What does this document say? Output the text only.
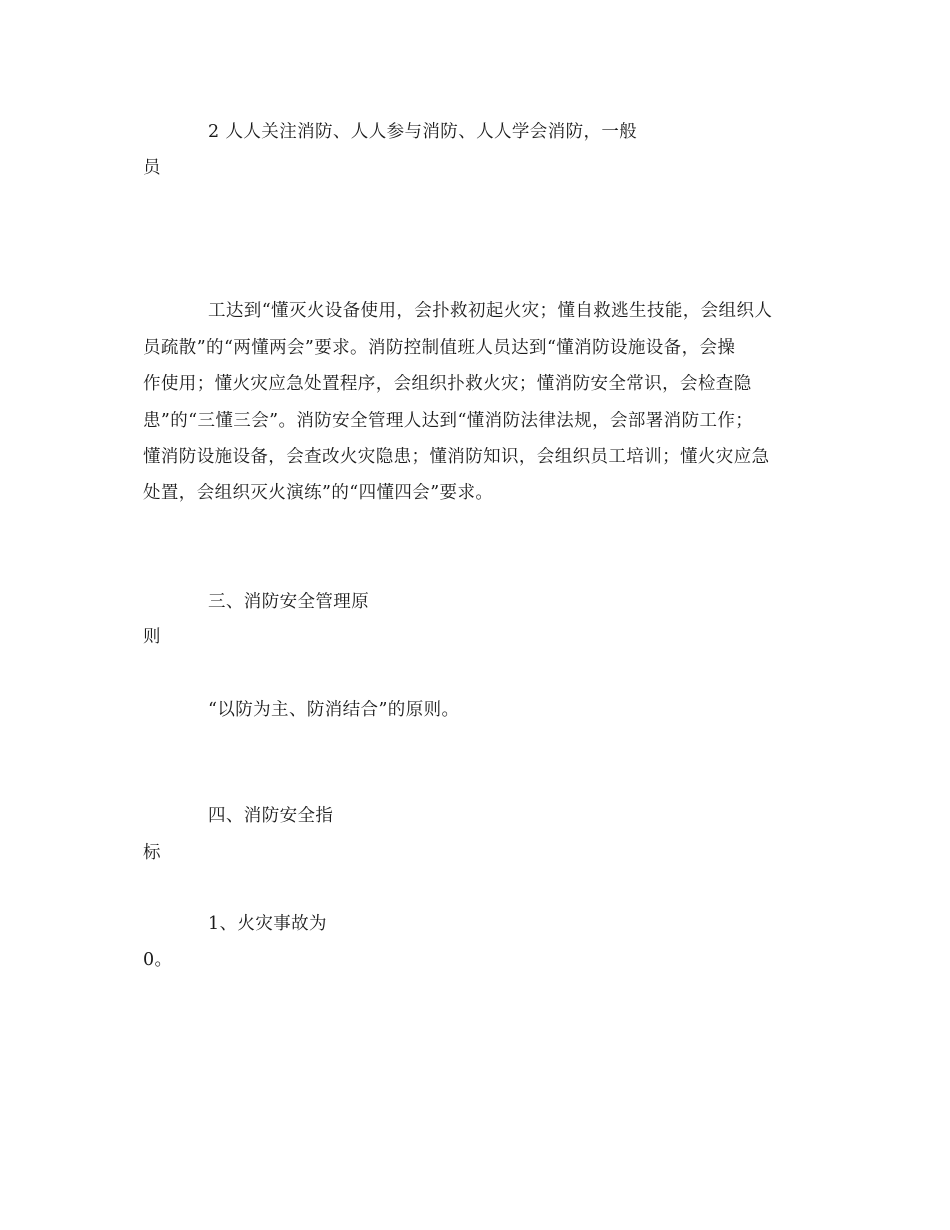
2 人人关注消防、人人参与消防、人人学会消防，一般
员
工达到“懂灭火设备使用，会扑救初起火灾；懂自救逃生技能，会组织人
员疏散”的“两懂两会”要求。消防控制值班人员达到“懂消防设施设备，会操
作使用；懂火灾应急处置程序，会组织扑救火灾；懂消防安全常识，会检查隐
患”的“三懂三会”。消防安全管理人达到“懂消防法律法规，会部署消防工作；
懂消防设施设备，会查改火灾隐患；懂消防知识，会组织员工培训；懂火灾应急
处置，会组织灭火演练”的“四懂四会”要求。
三、消防安全管理原
则
“以防为主、防消结合”的原则。
四、消防安全指
标
1、火灾事故为
0。
